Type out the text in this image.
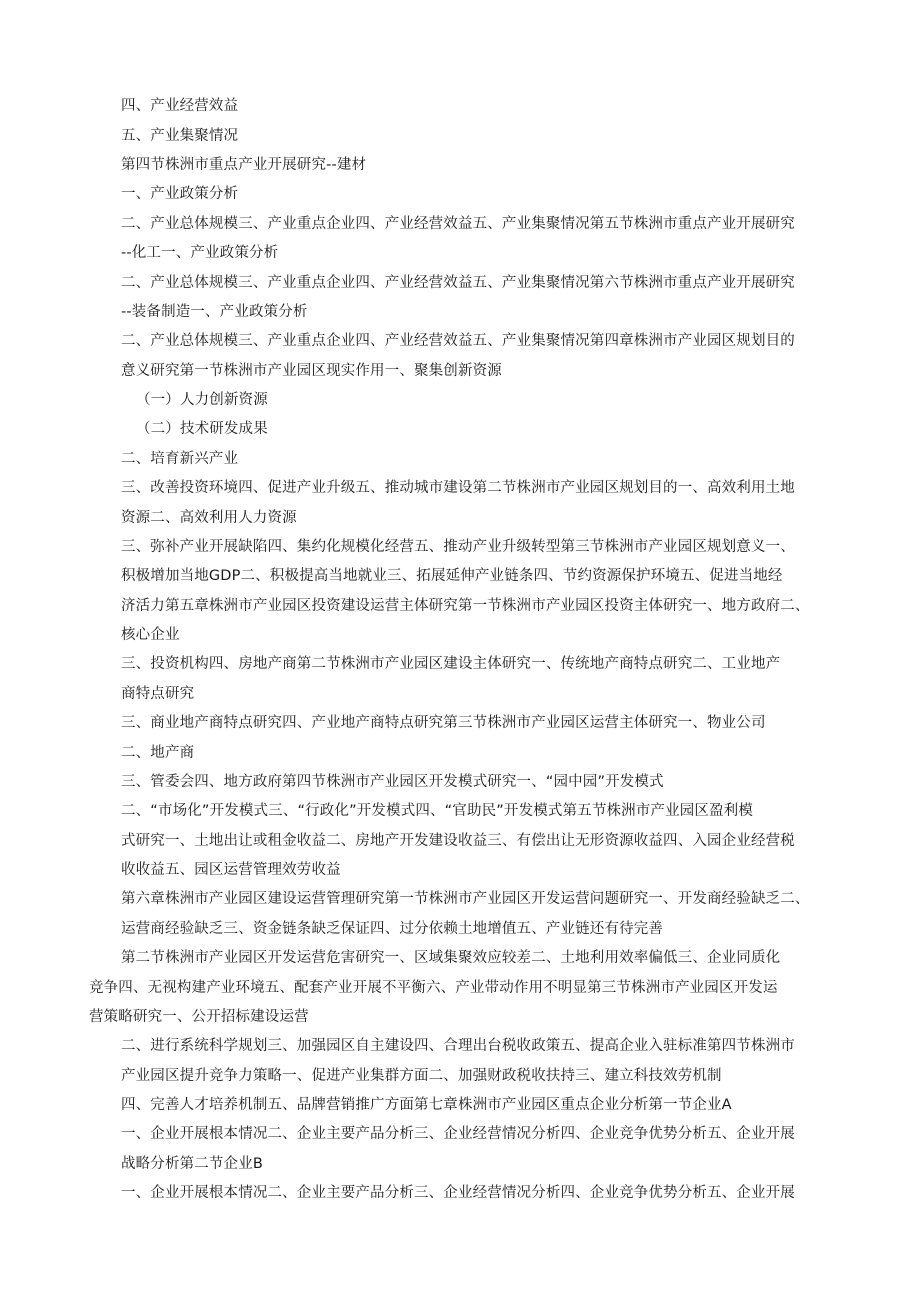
四、产业经营效益
五、产业集聚情况
第四节株洲市重点产业开展研究--建材
一、产业政策分析
二、产业总体规模三、产业重点企业四、产业经营效益五、产业集聚情况第五节株洲市重点产业开展研究
--化工一、产业政策分析
二、产业总体规模三、产业重点企业四、产业经营效益五、产业集聚情况第六节株洲市重点产业开展研究
--装备制造一、产业政策分析
二、产业总体规模三、产业重点企业四、产业经营效益五、产业集聚情况第四章株洲市产业园区规划目的
意义研究第一节株洲市产业园区现实作用一、聚集创新资源
（一）人力创新资源
（二）技术研发成果
二、培育新兴产业
三、改善投资环境四、促进产业升级五、推动城市建设第二节株洲市产业园区规划目的一、高效利用土地
资源二、高效利用人力资源
三、弥补产业开展缺陷四、集约化规模化经营五、推动产业升级转型第三节株洲市产业园区规划意义一、
积极增加当地GDP二、积极提高当地就业三、拓展延伸产业链条四、节约资源保护环境五、促进当地经
济活力第五章株洲市产业园区投资建设运营主体研究第一节株洲市产业园区投资主体研究一、地方政府二、
核心企业
三、投资机构四、房地产商第二节株洲市产业园区建设主体研究一、传统地产商特点研究二、工业地产
商特点研究
三、商业地产商特点研究四、产业地产商特点研究第三节株洲市产业园区运营主体研究一、物业公司
二、地产商
三、管委会四、地方政府第四节株洲市产业园区开发模式研究一、“园中园”开发模式
二、“市场化”开发模式三、“行政化”开发模式四、“官助民”开发模式第五节株洲市产业园区盈利模
式研究一、土地出让或租金收益二、房地产开发建设收益三、有偿出让无形资源收益四、入园企业经营税
收收益五、园区运营管理效劳收益
第六章株洲市产业园区建设运营管理研究第一节株洲市产业园区开发运营问题研究一、开发商经验缺乏二、
运营商经验缺乏三、资金链条缺乏保证四、过分依赖土地增值五、产业链还有待完善
第二节株洲市产业园区开发运营危害研究一、区域集聚效应较差二、土地利用效率偏低三、企业同质化
竞争四、无视构建产业环境五、配套产业开展不平衡六、产业带动作用不明显第三节株洲市产业园区开发运
营策略研究一、公开招标建设运营
二、进行系统科学规划三、加强园区自主建设四、合理出台税收政策五、提高企业入驻标准第四节株洲市
产业园区提升竞争力策略一、促进产业集群方面二、加强财政税收扶持三、建立科技效劳机制
四、完善人才培养机制五、品牌营销推广方面第七章株洲市产业园区重点企业分析第一节企业A
一、企业开展根本情况二、企业主要产品分析三、企业经营情况分析四、企业竞争优势分析五、企业开展
战略分析第二节企业B
一、企业开展根本情况二、企业主要产品分析三、企业经营情况分析四、企业竞争优势分析五、企业开展
